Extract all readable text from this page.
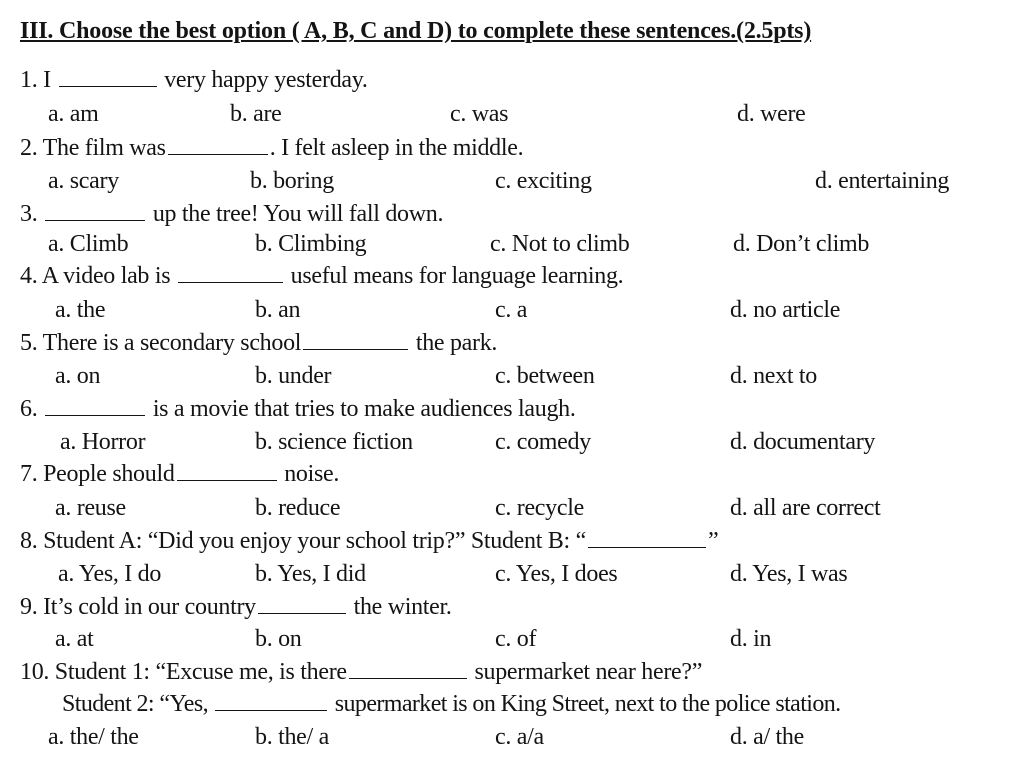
III. Choose the best option ( A, B, C and D) to complete these sentences.(2.5pts)
1. I	very happy yesterday.
a. am	b. are	c. was	d. were
2. The film was	. I felt asleep in the middle.
a. scary	b. boring	c. exciting	d. entertaining
3.	up the tree! You will fall down.
a. Climb	b. Climbing	c. Not to climb	d. Don’t climb
4. A video lab is	useful means for language learning.
a. the	b. an	c. a	d. no article
5. There is a secondary school	the park.
a. on	b. under	c. between	d. next to
6.	is a movie that tries to make audiences laugh.
a. Horror	b. science fiction	c. comedy	d. documentary
7. People should	noise.
a. reuse	b. reduce	c. recycle	d. all are correct
8. Student A: “Did you enjoy your school trip?” Student B: “	”
a. Yes, I do	b. Yes, I did	c. Yes, I does	d. Yes, I was
9. It’s cold in our country	the winter.
a. at	b. on	c. of	d. in
10. Student 1: “Excuse me, is there	supermarket near here?”
Student 2: “Yes,	supermarket is on King Street, next to the police station.
a. the/ the	b. the/ a	c. a/a	d. a/ the
